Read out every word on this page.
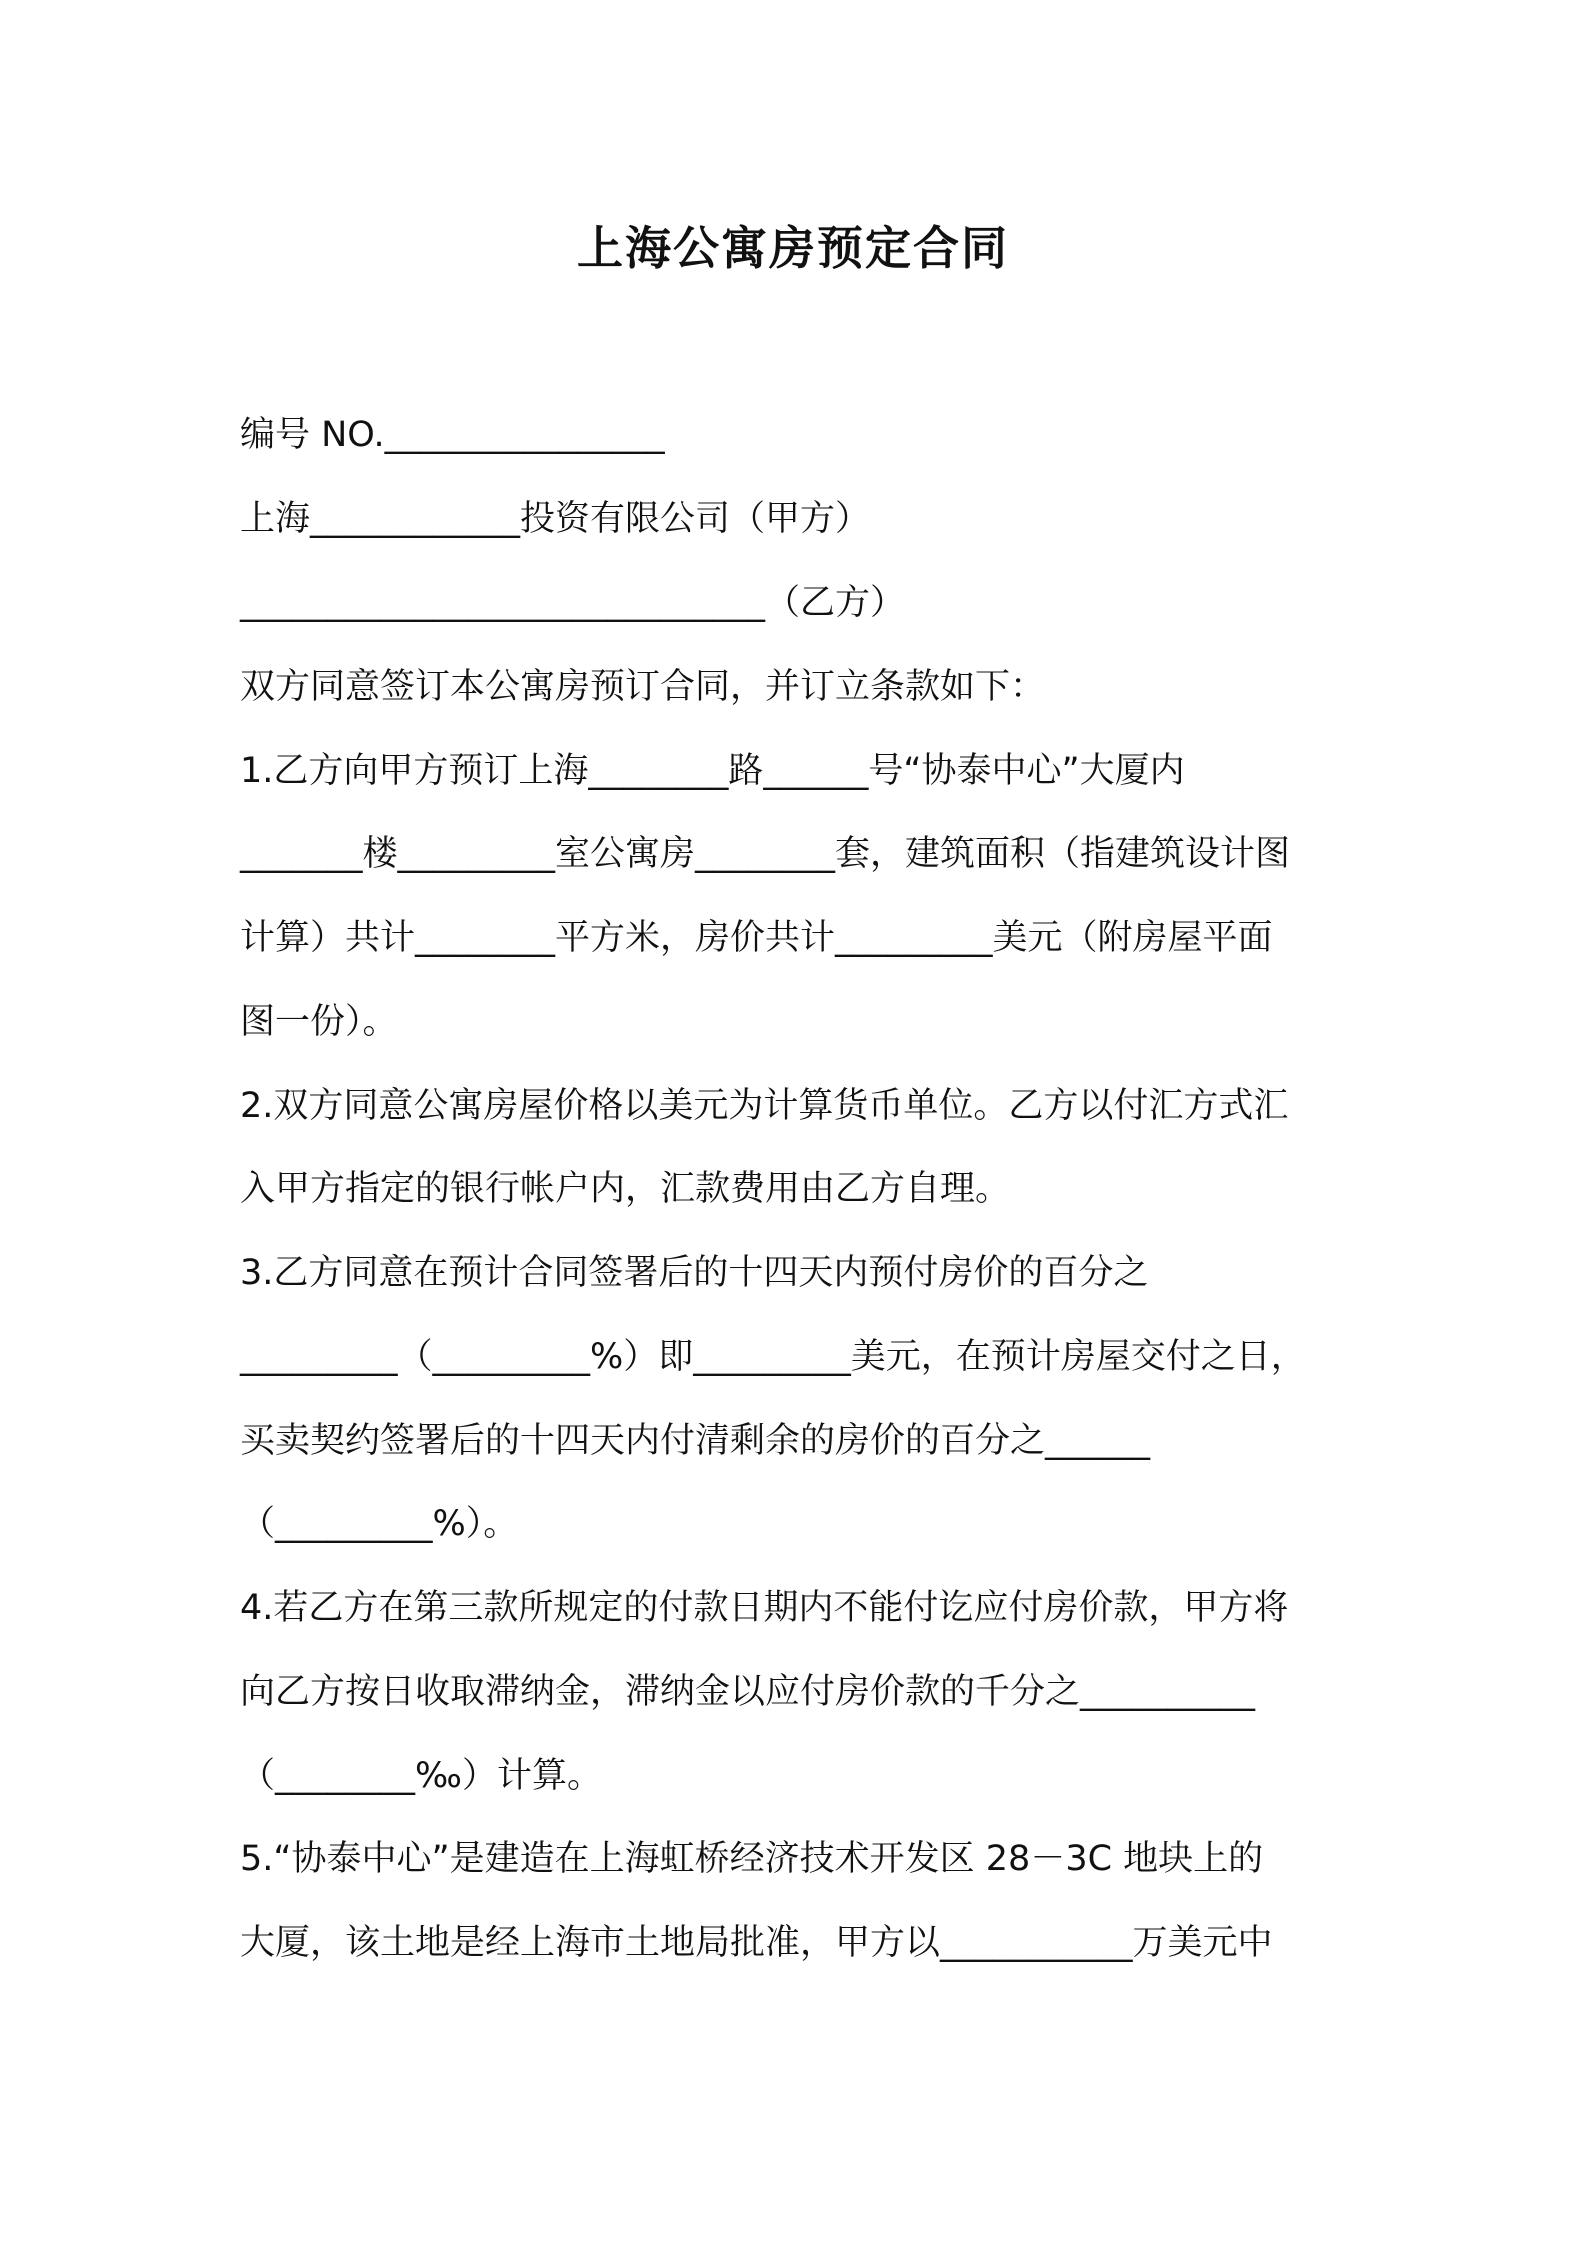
上海公寓房预定合同

编号 NO.________________

上海____________投资有限公司（甲方）

______________________________（乙方）

双方同意签订本公寓房预订合同，并订立条款如下：

1.乙方向甲方预订上海________路______号“协泰中心”大厦内

_______楼_________室公寓房________套，建筑面积（指建筑设计图

计算）共计________平方米，房价共计_________美元（附房屋平面

图一份）。

2.双方同意公寓房屋价格以美元为计算货币单位。乙方以付汇方式汇

入甲方指定的银行帐户内，汇款费用由乙方自理。

3.乙方同意在预计合同签署后的十四天内预付房价的百分之

_________（_________%）即_________美元，在预计房屋交付之日，

买卖契约签署后的十四天内付清剩余的房价的百分之______

（_________%）。

4.若乙方在第三款所规定的付款日期内不能付讫应付房价款，甲方将

向乙方按日收取滞纳金，滞纳金以应付房价款的千分之__________

（________‰）计算。

5.“协泰中心”是建造在上海虹桥经济技术开发区 28－3C 地块上的

大厦，该土地是经上海市土地局批准，甲方以___________万美元中
